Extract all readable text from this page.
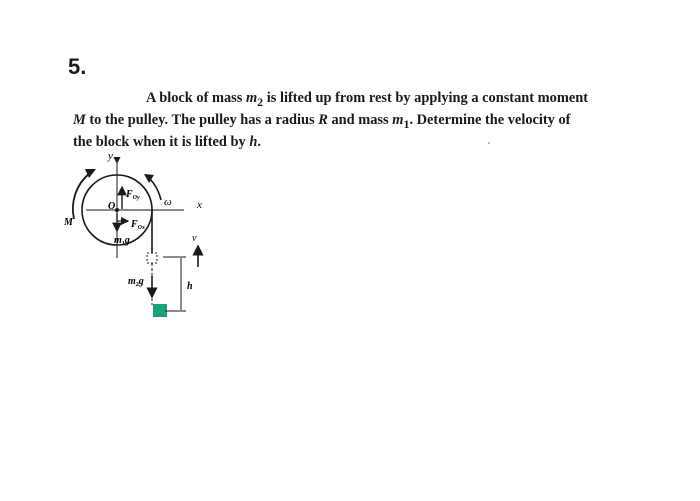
5.

A block of mass $m_2$ is lifted up from rest by applying a constant moment

M to the pulley. The pulley has a radius R and mass $m_1$. Determine the velocity of

the block when it is lifted by h.

y
x
M
ω
O
$F_{Oy}$
$F_{Ox}$
$m_1g$
$m_2g$	h
v
